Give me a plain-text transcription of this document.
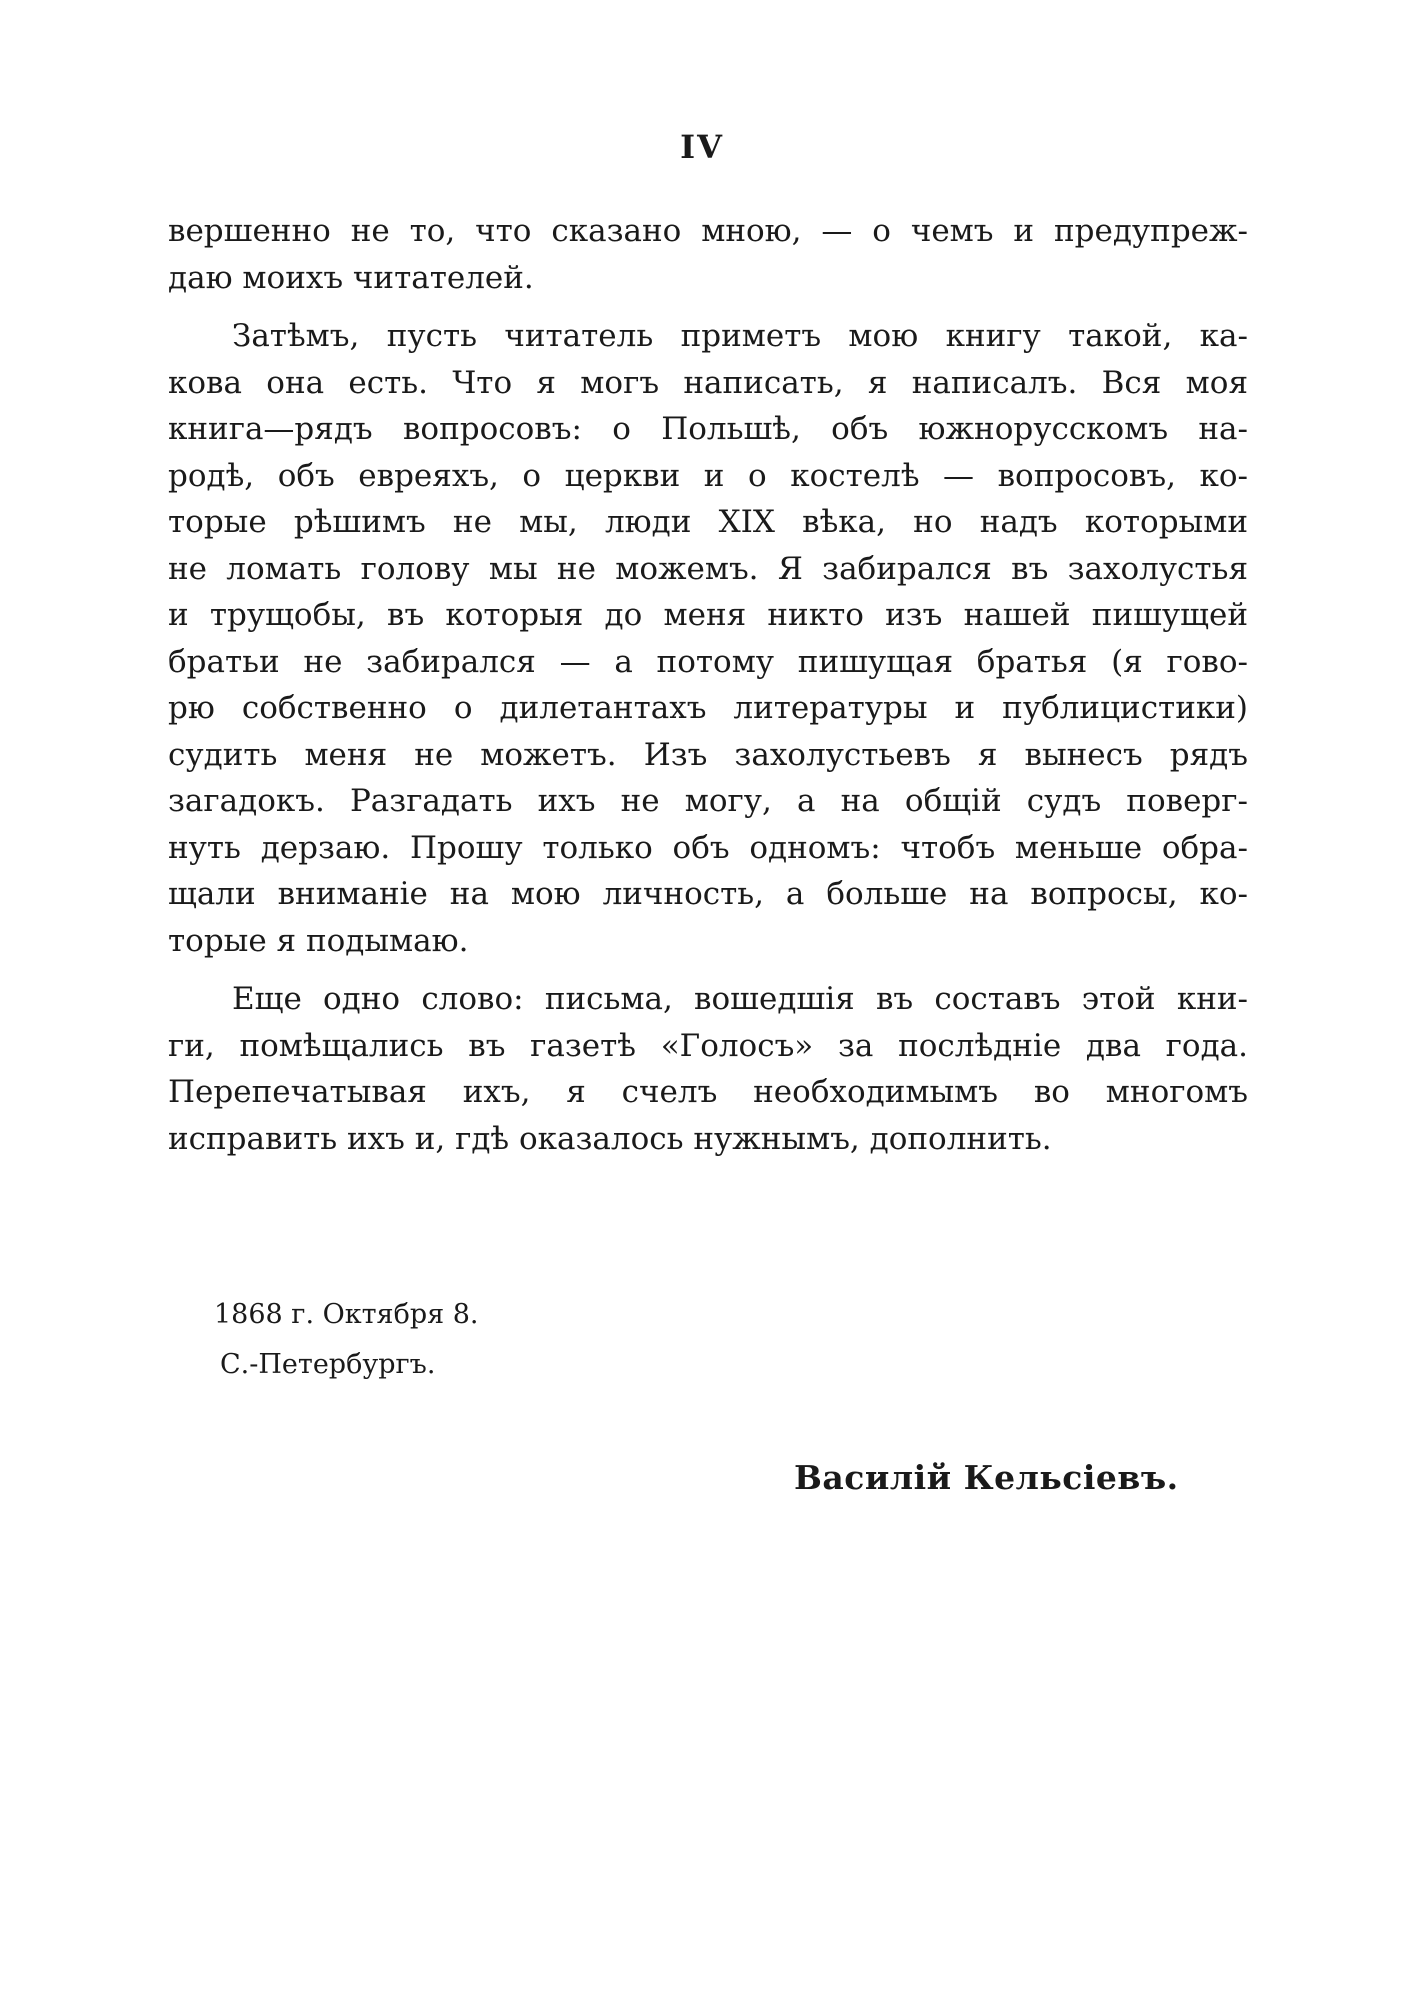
IV
вершенно не то, что сказано мною, — о чемъ и предупреж-
даю моихъ читателей.
Затѣмъ, пусть читатель приметъ мою книгу такой, ка-
кова она есть. Что я могъ написать, я написалъ. Вся моя
книга—рядъ вопросовъ: о Польшѣ, объ южнорусскомъ на-
родѣ, объ евреяхъ, о церкви и о костелѣ — вопросовъ, ко-
торые рѣшимъ не мы, люди XIX вѣка, но надъ которыми
не ломать голову мы не можемъ. Я забирался въ захолустья
и трущобы, въ которыя до меня никто изъ нашей пишущей
братьи не забирался — а потому пишущая братья (я гово-
рю собственно о дилетантахъ литературы и публицистики)
судить меня не можетъ. Изъ захолустьевъ я вынесъ рядъ
загадокъ. Разгадать ихъ не могу, а на общій судъ поверг-
нуть дерзаю. Прошу только объ одномъ: чтобъ меньше обра-
щали вниманіе на мою личность, а больше на вопросы, ко-
торые я подымаю.
Еще одно слово: письма, вошедшія въ составъ этой кни-
ги, помѣщались въ газетѣ «Голосъ» за послѣдніе два года.
Перепечатывая ихъ, я счелъ необходимымъ во многомъ
исправить ихъ и, гдѣ оказалось нужнымъ, дополнить.
1868 г. Октября 8.
С.-Петербургъ.
Василій Кельсіевъ.
